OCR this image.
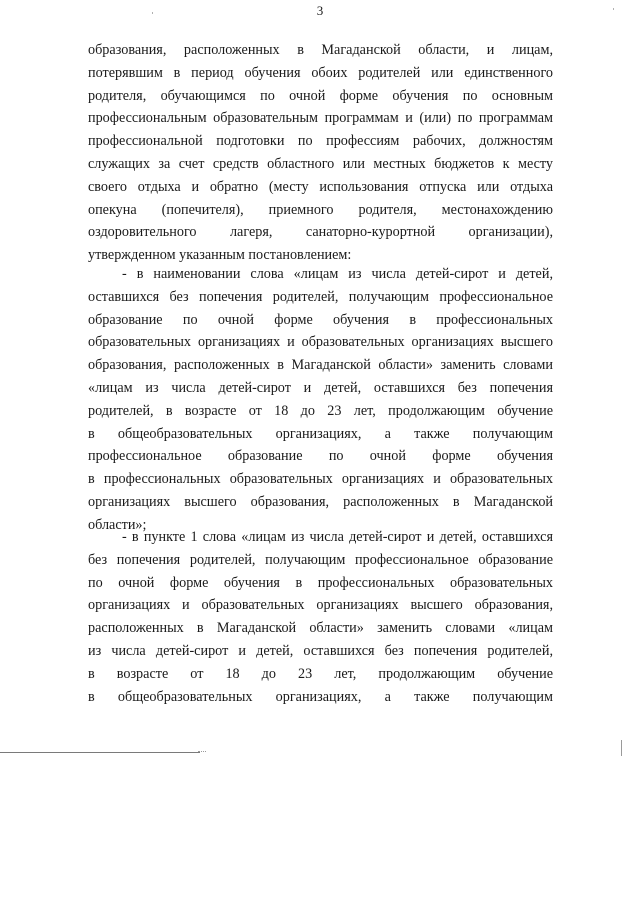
3
образования, расположенных в Магаданской области, и лицам,
потерявшим в период обучения обоих родителей или единственного
родителя, обучающимся по очной форме обучения по основным
профессиональным образовательным программам и (или) по программам
профессиональной подготовки по профессиям рабочих, должностям
служащих за счет средств областного или местных бюджетов к месту
своего отдыха и обратно (месту использования отпуска или отдыха
опекуна (попечителя), приемного родителя, местонахождению
оздоровительного лагеря, санаторно-курортной организации),
утвержденном указанным постановлением:
- в наименовании слова «лицам из числа детей-сирот и детей,
оставшихся без попечения родителей, получающим профессиональное
образование по очной форме обучения в профессиональных
образовательных организациях и образовательных организациях высшего
образования, расположенных в Магаданской области» заменить словами
«лицам из числа детей-сирот и детей, оставшихся без попечения
родителей, в возрасте от 18 до 23 лет, продолжающим обучение
в общеобразовательных организациях, а также получающим
профессиональное образование по очной форме обучения
в профессиональных образовательных организациях и образовательных
организациях высшего образования, расположенных в Магаданской
области»;
- в пункте 1 слова «лицам из числа детей-сирот и детей, оставшихся
без попечения родителей, получающим профессиональное образование
по очной форме обучения в профессиональных образовательных
организациях и образовательных организациях высшего образования,
расположенных в Магаданской области» заменить словами «лицам
из числа детей-сирот и детей, оставшихся без попечения родителей,
в возрасте от 18 до 23 лет, продолжающим обучение
в общеобразовательных организациях, а также получающим
